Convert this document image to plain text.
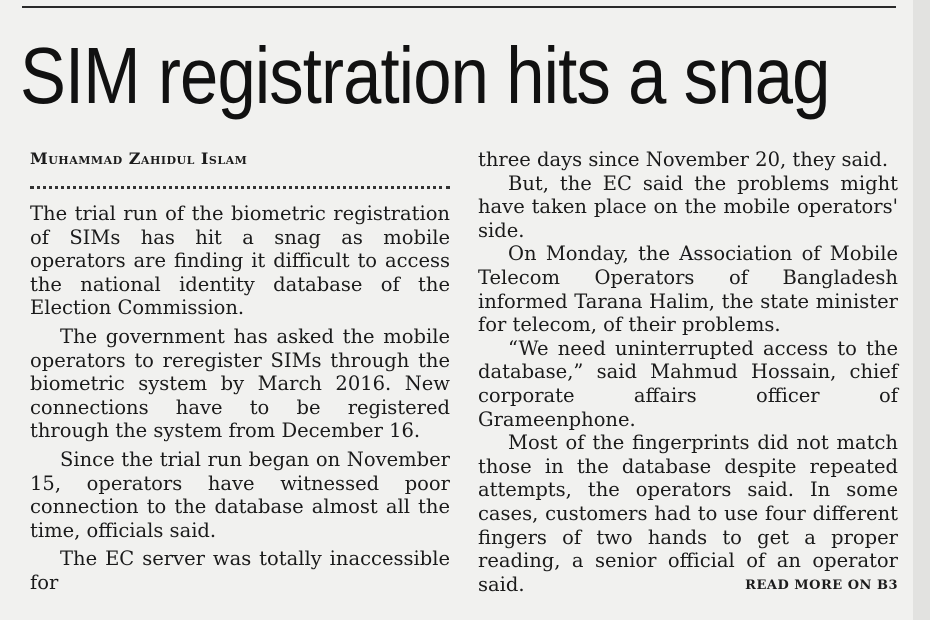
SIM registration hits a snag
Muhammad Zahidul Islam

The trial run of the biometric registration of SIMs has hit a snag as mobile operators are finding it difficult to access the national identity database of the Election Commission.

The government has asked the mobile operators to reregister SIMs through the biometric system by March 2016. New connections have to be registered through the system from December 16.

Since the trial run began on November 15, operators have witnessed poor connection to the database almost all the time, officials said.

The EC server was totally inaccessible for

three days since November 20, they said.

But, the EC said the problems might have taken place on the mobile operators' side.

On Monday, the Association of Mobile Telecom Operators of Bangladesh informed Tarana Halim, the state minister for telecom, of their problems.

“We need uninterrupted access to the database,” said Mahmud Hossain, chief corporate affairs officer of Grameenphone.

Most of the fingerprints did not match those in the database despite repeated attempts, the operators said. In some cases, customers had to use four different fingers of two hands to get a proper reading, a senior official of an operator said.	READ MORE ON B3
